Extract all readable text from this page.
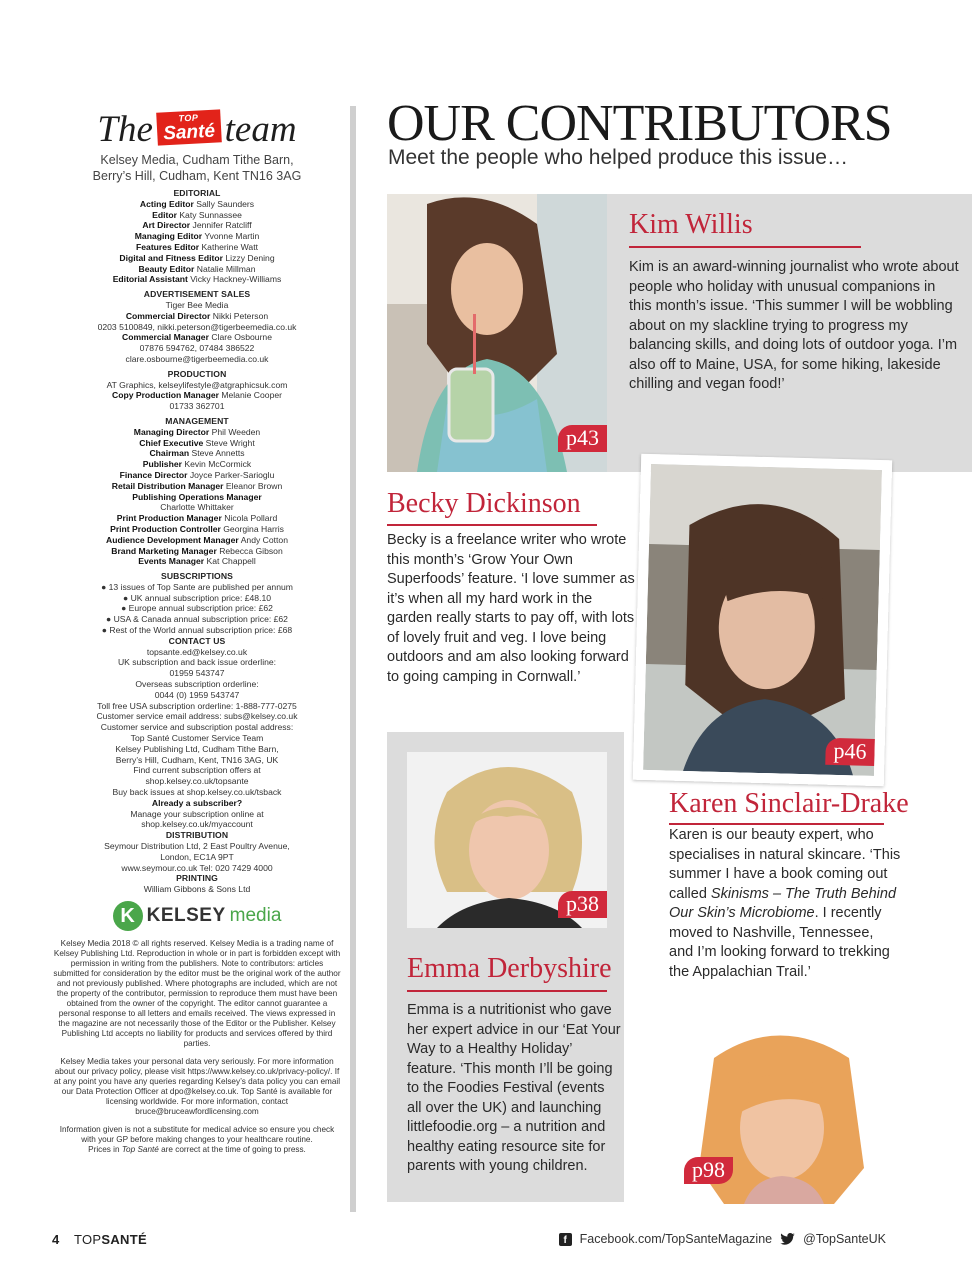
The	TOP
Santé team
Kelsey Media, Cudham Tithe Barn,
Berry’s Hill, Cudham, Kent TN16 3AG
EDITORIAL
Acting Editor Sally Saunders
Editor Katy Sunnassee
Art Director Jennifer Ratcliff
Managing Editor Yvonne Martin
Features Editor Katherine Watt
Digital and Fitness Editor Lizzy Dening
Beauty Editor Natalie Millman
Editorial Assistant Vicky Hackney-Williams
ADVERTISEMENT SALES
Tiger Bee Media
Commercial Director Nikki Peterson
0203 5100849, nikki.peterson@tigerbeemedia.co.uk
Commercial Manager Clare Osbourne
07876 594762, 07484 386522
clare.osbourne@tigerbeemedia.co.uk
PRODUCTION
AT Graphics, kelseylifestyle@atgraphicsuk.com
Copy Production Manager Melanie Cooper
01733 362701
MANAGEMENT
Managing Director Phil Weeden
Chief Executive Steve Wright
Chairman Steve Annetts
Publisher Kevin McCormick
Finance Director Joyce Parker-Sarioglu
Retail Distribution Manager Eleanor Brown
Publishing Operations Manager
Charlotte Whittaker
Print Production Manager Nicola Pollard
Print Production Controller Georgina Harris
Audience Development Manager Andy Cotton
Brand Marketing Manager Rebecca Gibson
Events Manager Kat Chappell
SUBSCRIPTIONS
● 13 issues of Top Sante are published per annum
● UK annual subscription price: £48.10
● Europe annual subscription price: £62
● USA & Canada annual subscription price: £62
● Rest of the World annual subscription price: £68
CONTACT US
topsante.ed@kelsey.co.uk
UK subscription and back issue orderline:
01959 543747
Overseas subscription orderline:
0044 (0) 1959 543747
Toll free USA subscription orderline: 1-888-777-0275
Customer service email address: subs@kelsey.co.uk
Customer service and subscription postal address:
Top Santé Customer Service Team
Kelsey Publishing Ltd, Cudham Tithe Barn,
Berry’s Hill, Cudham, Kent, TN16 3AG, UK
Find current subscription offers at
shop.kelsey.co.uk/topsante
Buy back issues at shop.kelsey.co.uk/tsback
Already a subscriber?
Manage your subscription online at
shop.kelsey.co.uk/myaccount
DISTRIBUTION
Seymour Distribution Ltd, 2 East Poultry Avenue,
London, EC1A 9PT
www.seymour.co.uk Tel: 020 7429 4000
PRINTING
William Gibbons & Sons Ltd
K KELSEY media
Kelsey Media 2018 © all rights reserved. Kelsey Media is a trading name of Kelsey Publishing Ltd. Reproduction in whole or in part is forbidden except with permission in writing from the publishers. Note to contributors: articles submitted for consideration by the editor must be the original work of the author and not previously published. Where photographs are included, which are not the property of the contributor, permission to reproduce them must have been obtained from the owner of the copyright. The editor cannot guarantee a personal response to all letters and emails received. The views expressed in the magazine are not necessarily those of the Editor or the Publisher. Kelsey Publishing Ltd accepts no liability for products and services offered by third parties.
Kelsey Media takes your personal data very seriously. For more information about our privacy policy, please visit https://www.kelsey.co.uk/privacy-policy/. If at any point you have any queries regarding Kelsey’s data policy you can email our Data Protection Officer at dpo@kelsey.co.uk. Top Santé is available for licensing worldwide. For more information, contact bruce@bruceawfordlicensing.com
Information given is not a substitute for medical advice so ensure you check with your GP before making changes to your healthcare routine.
Prices in Top Santé are correct at the time of going to press.
OUR CONTRIBUTORS
Meet the people who helped produce this issue…
p43
Kim Willis
Kim is an award-winning journalist who wrote about people who holiday with unusual companions in this month’s issue. ‘This summer I will be wobbling about on my slackline trying to progress my balancing skills, and doing lots of outdoor yoga. I’m also off to Maine, USA, for some hiking, lakeside chilling and vegan food!’
Becky Dickinson
Becky is a freelance writer who wrote this month’s ‘Grow Your Own Superfoods’ feature. ‘I love summer as it’s when all my hard work in the garden really starts to pay off, with lots of lovely fruit and veg. I love being outdoors and am also looking forward to going camping in Cornwall.’
p46
p38
Emma Derbyshire
Emma is a nutritionist who gave her expert advice in our ‘Eat Your Way to a Healthy Holiday’ feature. ‘This month I’ll be going to the Foodies Festival (events all over the UK) and launching littlefoodie.org – a nutrition and healthy eating resource site for parents with young children.
Karen Sinclair-Drake
Karen is our beauty expert, who specialises in natural skincare. ‘This summer I have a book coming out called Skinisms – The Truth Behind Our Skin’s Microbiome. I recently moved to Nashville, Tennessee, and I’m looking forward to trekking the Appalachian Trail.’
p98
4 TOPSANTÉ	f	Facebook.com/TopSanteMagazine @TopSanteUK
